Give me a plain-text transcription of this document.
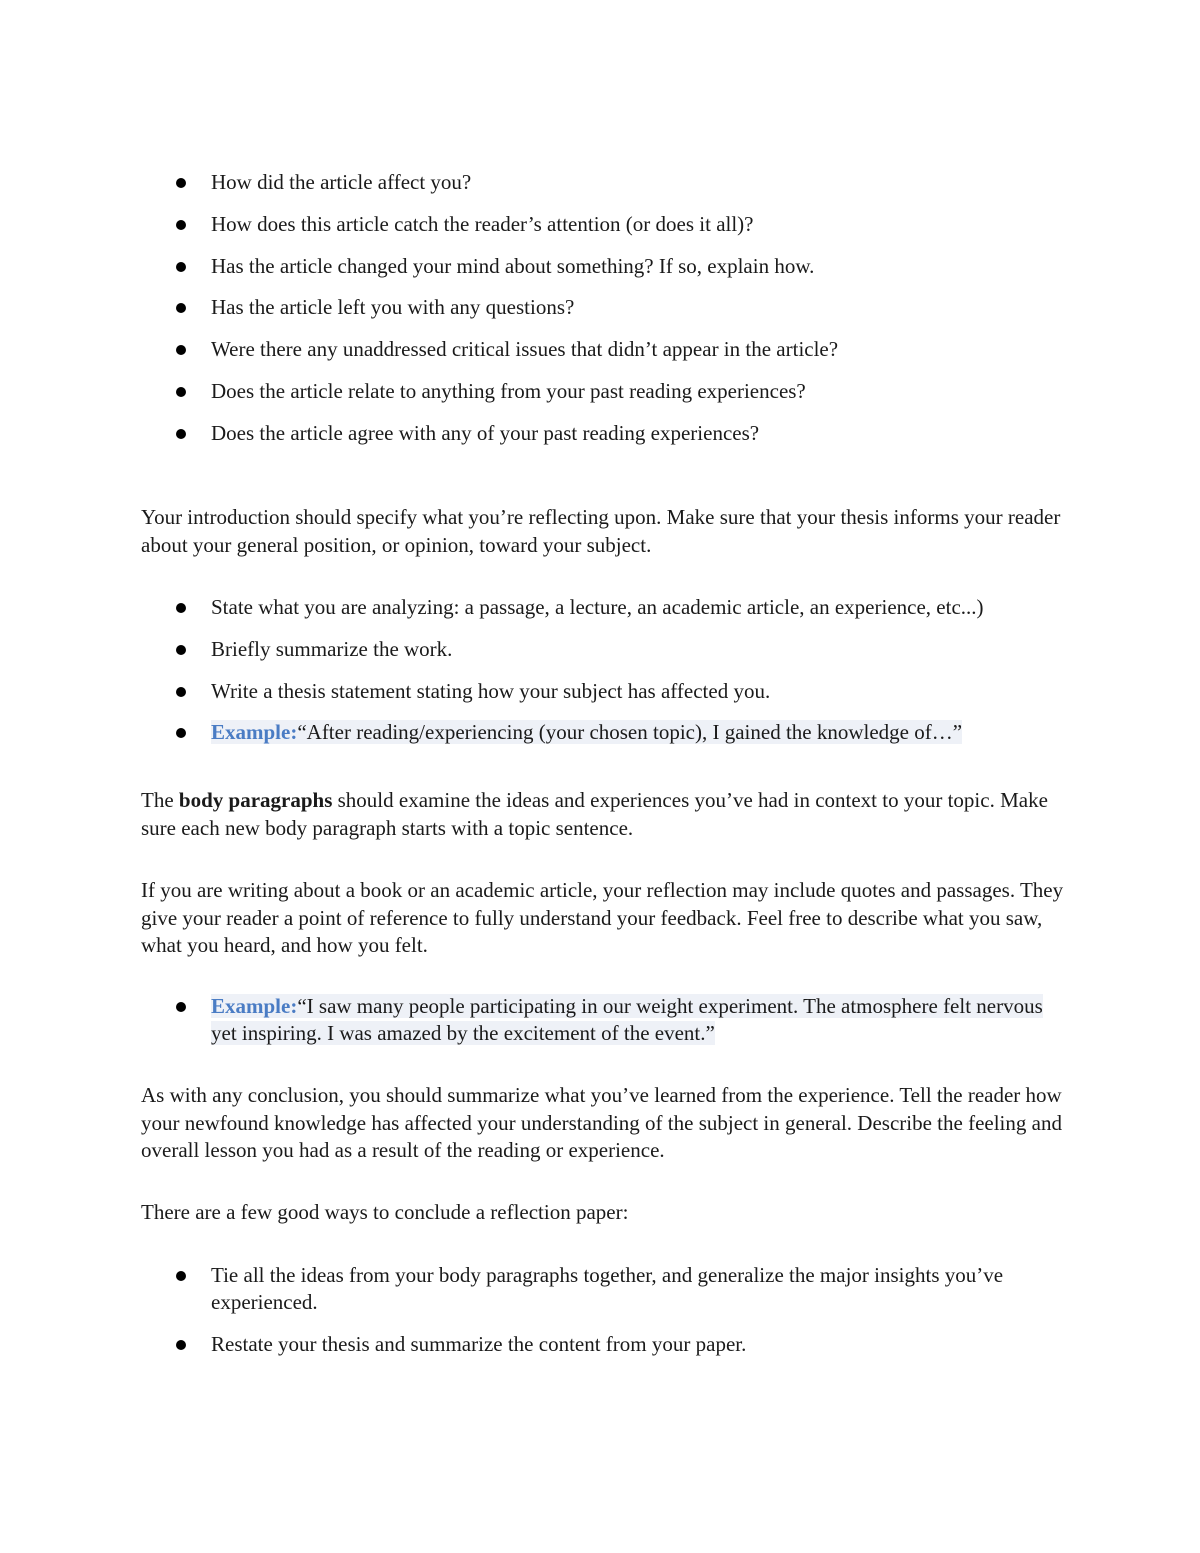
How did the article affect you?
How does this article catch the reader’s attention (or does it all)?
Has the article changed your mind about something? If so, explain how.
Has the article left you with any questions?
Were there any unaddressed critical issues that didn’t appear in the article?
Does the article relate to anything from your past reading experiences?
Does the article agree with any of your past reading experiences?

Your introduction should specify what you’re reflecting upon. Make sure that your thesis informs your reader about your general position, or opinion, toward your subject.

State what you are analyzing: a passage, a lecture, an academic article, an experience, etc...)
Briefly summarize the work.
Write a thesis statement stating how your subject has affected you.
Example:“After reading/experiencing (your chosen topic), I gained the knowledge of…”

The body paragraphs should examine the ideas and experiences you’ve had in context to your topic. Make sure each new body paragraph starts with a topic sentence.

If you are writing about a book or an academic article, your reflection may include quotes and passages. They give your reader a point of reference to fully understand your feedback. Feel free to describe what you saw, what you heard, and how you felt.

Example:“I saw many people participating in our weight experiment. The atmosphere felt nervous yet inspiring. I was amazed by the excitement of the event.”

As with any conclusion, you should summarize what you’ve learned from the experience. Tell the reader how your newfound knowledge has affected your understanding of the subject in general. Describe the feeling and overall lesson you had as a result of the reading or experience.

There are a few good ways to conclude a reflection paper:

Tie all the ideas from your body paragraphs together, and generalize the major insights you’ve experienced.
Restate your thesis and summarize the content from your paper.
